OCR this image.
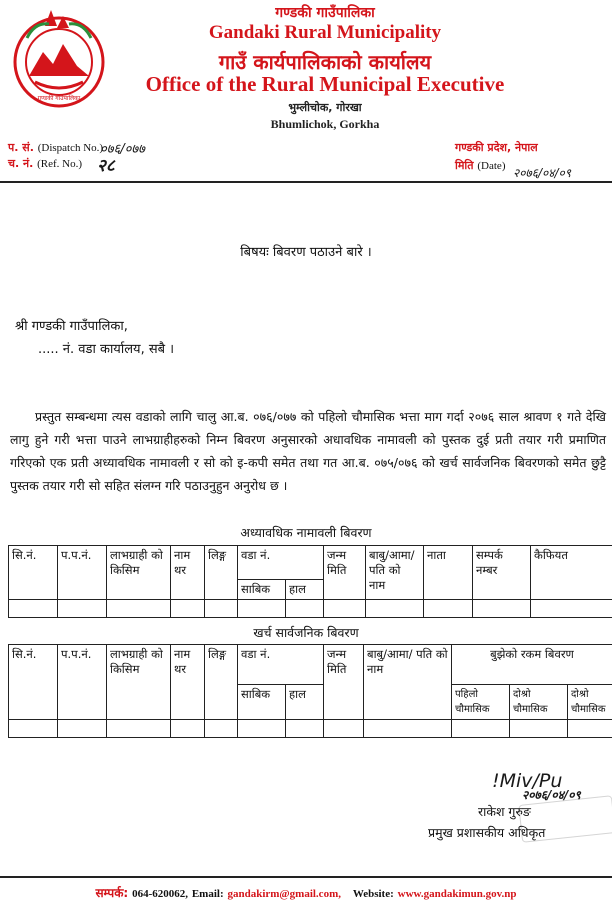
गण्डकी गाउँपालिका
गण्डकी गाउँपालिका
Gandaki Rural Municipality
गाउँ कार्यपालिकाको कार्यालय
Office of the Rural Municipal Executive
भुम्लीचोक, गोरखा
Bhumlichok, Gorkha
प. सं. (Dispatch No.)
०७६/०७७
च. नं. (Ref. No.) २८
गण्डकी प्रदेश, नेपाल
मिति (Date) २०७६/०४/०९
बिषयः बिवरण पठाउने बारे ।
श्री गण्डकी गाउँपालिका,
..... नं. वडा कार्यालय, सबै ।
प्रस्तुत सम्बन्धमा त्यस वडाको लागि चालु आ.ब. ०७६/०७७ को पहिलो चौमासिक भत्ता माग गर्दा २०७६ साल श्रावण १ गते देखि लागु हुने गरी भत्ता पाउने लाभग्राहीहरुको निम्न बिवरण अनुसारको अधावधिक नामावली को पुस्तक दुई प्रती तयार गरी प्रमाणित गरिएको एक प्रती अध्यावधिक नामावली र सो को इ-कपी समेत तथा गत आ.ब. ०७५/०७६ को खर्च सार्वजनिक बिवरणको समेत छुट्टै पुस्तक तयार गरी सो सहित संलग्न गरि पठाउनुहुन अनुरोध छ ।
अध्यावधिक नामावली बिवरण
सि.नं.	प.प.नं.	लाभग्राही को किसिम	नाम थर	लिङ्ग	वडा नं.		जन्म मिति	बाबु/आमा/पति को नाम	नाता	सम्पर्क नम्बर	कैफियत
					साबिक	हाल					

खर्च सार्वजनिक बिवरण
सि.नं.	प.प.नं.	लाभग्राही को किसिम	नाम थर	लिङ्ग	वडा नं.		जन्म मिति	बाबु/आमा/ पति को नाम	बुझेको रकम बिवरण		
					साबिक	हाल			पहिलो चौमासिक	दोश्रो चौमासिक	दोश्रो चौमासिक

!Miv/Pu
२०७६/०४/०९
राकेश गुरुङ
प्रमुख प्रशासकीय अधिकृत
सम्पर्क: 064-620062, Email: gandakirm@gmail.com, Website: www.gandakimun.gov.np
